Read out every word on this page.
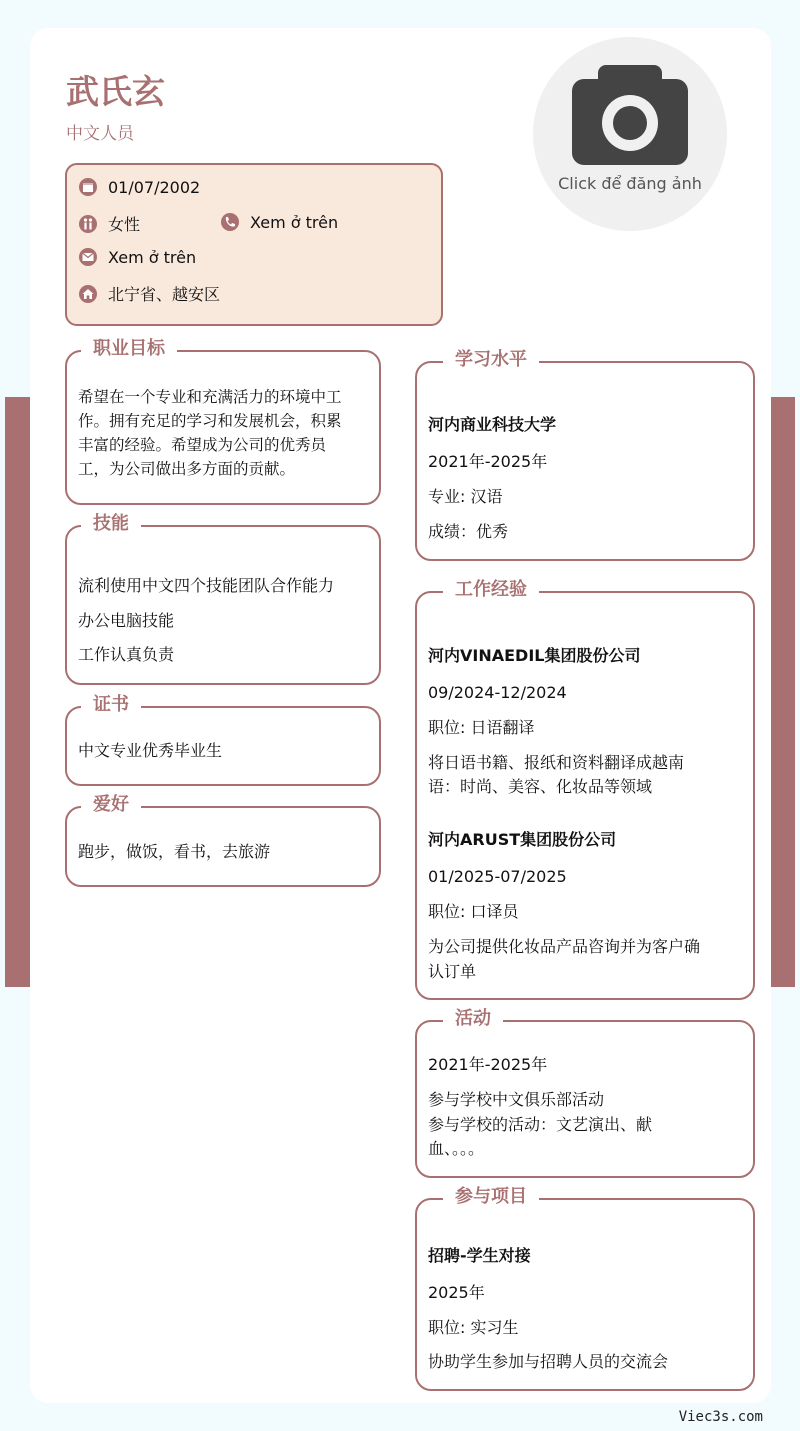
武氏玄
中文人员
Click để đăng ảnh
01/07/2002
女性	Xem ở trên
Xem ở trên
北宁省、越安区
职业目标
希望在一个专业和充满活力的环境中工
作。拥有充足的学习和发展机会，积累
丰富的经验。希望成为公司的优秀员
工，为公司做出多方面的贡献。
技能
流利使用中文四个技能团队合作能力
办公电脑技能
工作认真负责
证书
中文专业优秀毕业生
爱好
跑步，做饭，看书，去旅游
学习水平
河内商业科技大学
2021年-2025年
专业: 汉语
成绩：优秀
工作经验
河内VINAEDIL集团股份公司
09/2024-12/2024
职位: 日语翻译
将日语书籍、报纸和资料翻译成越南
语：时尚、美容、化妆品等领域
河内ARUST集团股份公司
01/2025-07/2025
职位: 口译员
为公司提供化妆品产品咨询并为客户确
认订单
活动
2021年-2025年
参与学校中文俱乐部活动
参与学校的活动：文艺演出、献
血、。。。
参与项目
招聘-学生对接
2025年
职位: 实习生
协助学生参加与招聘人员的交流会
Viec3s.com
